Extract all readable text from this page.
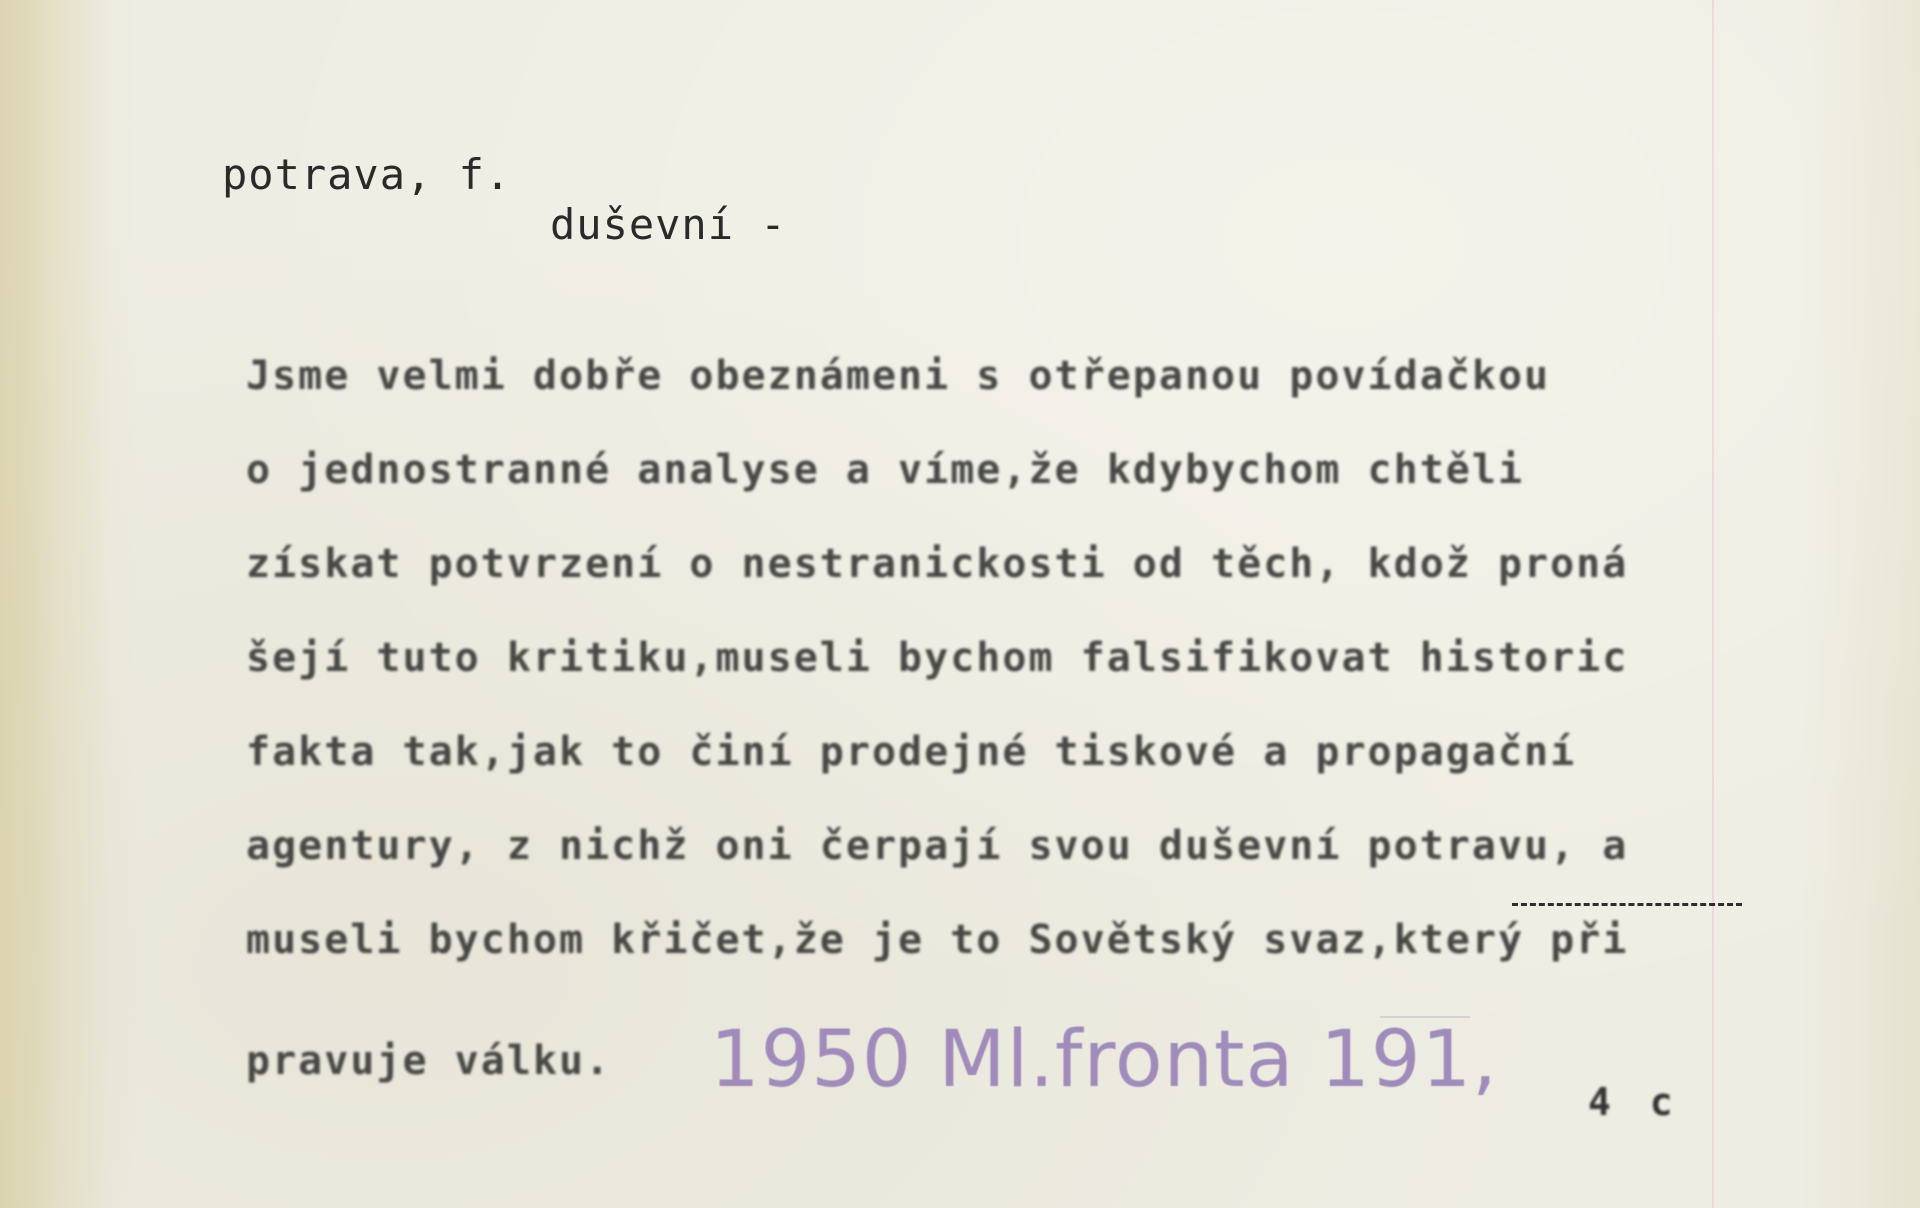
potrava, f.
duševní -
Jsme velmi dobře obeznámeni s otřepanou povídačkou
o jednostranné analyse a víme,že kdybychom chtěli
získat potvrzení o nestranickosti od těch, kdož proná
šejí tuto kritiku,museli bychom falsifikovat historic
fakta tak,jak to činí prodejné tiskové a propagační
agentury, z nichž oni čerpají svou duševní potravu, a
museli bychom křičet,že je to Sovětský svaz,který při
pravuje válku. 1950 Ml.fronta 191, 4 c
